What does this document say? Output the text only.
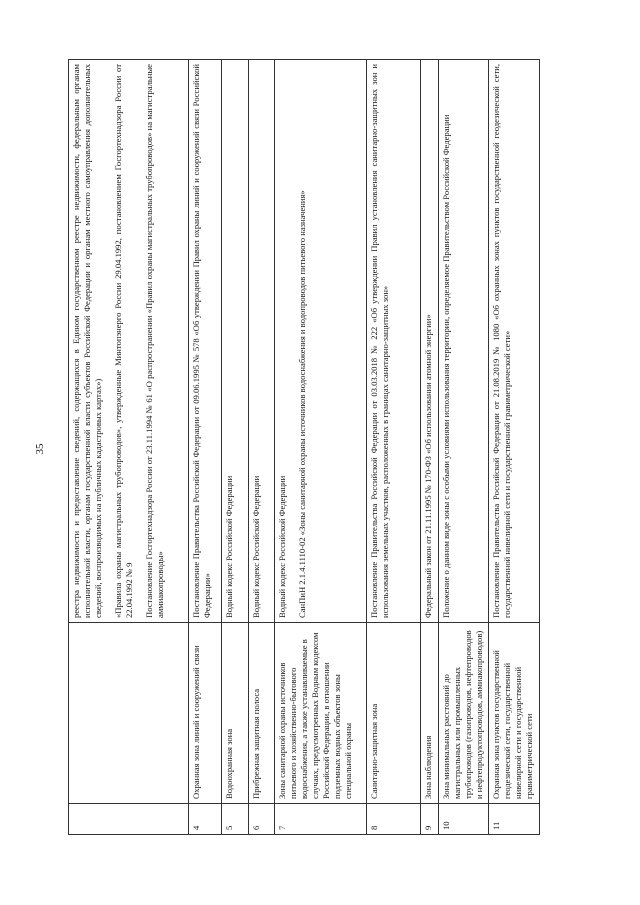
35

		реестра недвижимости и предоставление сведений, содержащихся в Едином государственном реестре недвижимости, федеральным органам исполнительной власти, органам государственной власти субъектов Российской Федерации и органам местного самоуправления дополнительных сведений, воспроизводимых на публичных кадастровых картах») «Правила охраны магистральных трубопроводов», утвержденные Минтопэнерго России 29.04.1992, постановлением Госгортехнадзора России от 22.04.1992 № 9 Постановление Госгортехнадзора России от 23.11.1994 № 61 «О распространении «Правил охраны магистральных трубопроводов» на магистральные аммиакопроводы»

4	Охранная зона линий и сооружений связи	Постановление Правительства Российской Федерации от 09.06.1995 № 578 «Об утверждении Правил охраны линий и сооружений связи Российской Федерации»

5	Водоохранная зона	Водный кодекс Российской Федерации

6	Прибрежная защитная полоса	Водный кодекс Российской Федерации

7	Зоны санитарной охраны источников питьевого и хозяйственно-бытового водоснабжения, а также устанавливаемые в случаях, предусмотренных Водным кодексом Российской Федерации, в отношении подземных водных объектов зоны специальной охраны	Водный кодекс Российской Федерации СанПиН 2.1.4.1110-02 «Зоны санитарной охраны источников водоснабжения и водопроводов питьевого назначения»

8	Санитарно-защитная зона	Постановление Правительства Российской Федерации от 03.03.2018 № 222 «Об утверждении Правил установления санитарно-защитных зон и использования земельных участков, расположенных в границах санитарно-защитных зон»

9	Зона наблюдения	Федеральный закон от 21.11.1995 № 170-ФЗ «Об использовании атомной энергии»

10	Зона минимальных расстояний до магистральных или промышленных трубопроводов (газопроводов, нефтепроводов и нефтепродуктопроводов, аммиакопроводов)	Положение о данном виде зоны с особыми условиями использования территории, определяемое Правительством Российской Федерации

11	Охранная зона пунктов государственной геодезической сети, государственной нивелирной сети и государственной гравиметрической сети	Постановление Правительства Российской Федерации от 21.08.2019 № 1080 «Об охранных зонах пунктов государственной геодезической сети, государственной нивелирной сети и государственной гравиметрической сети»
